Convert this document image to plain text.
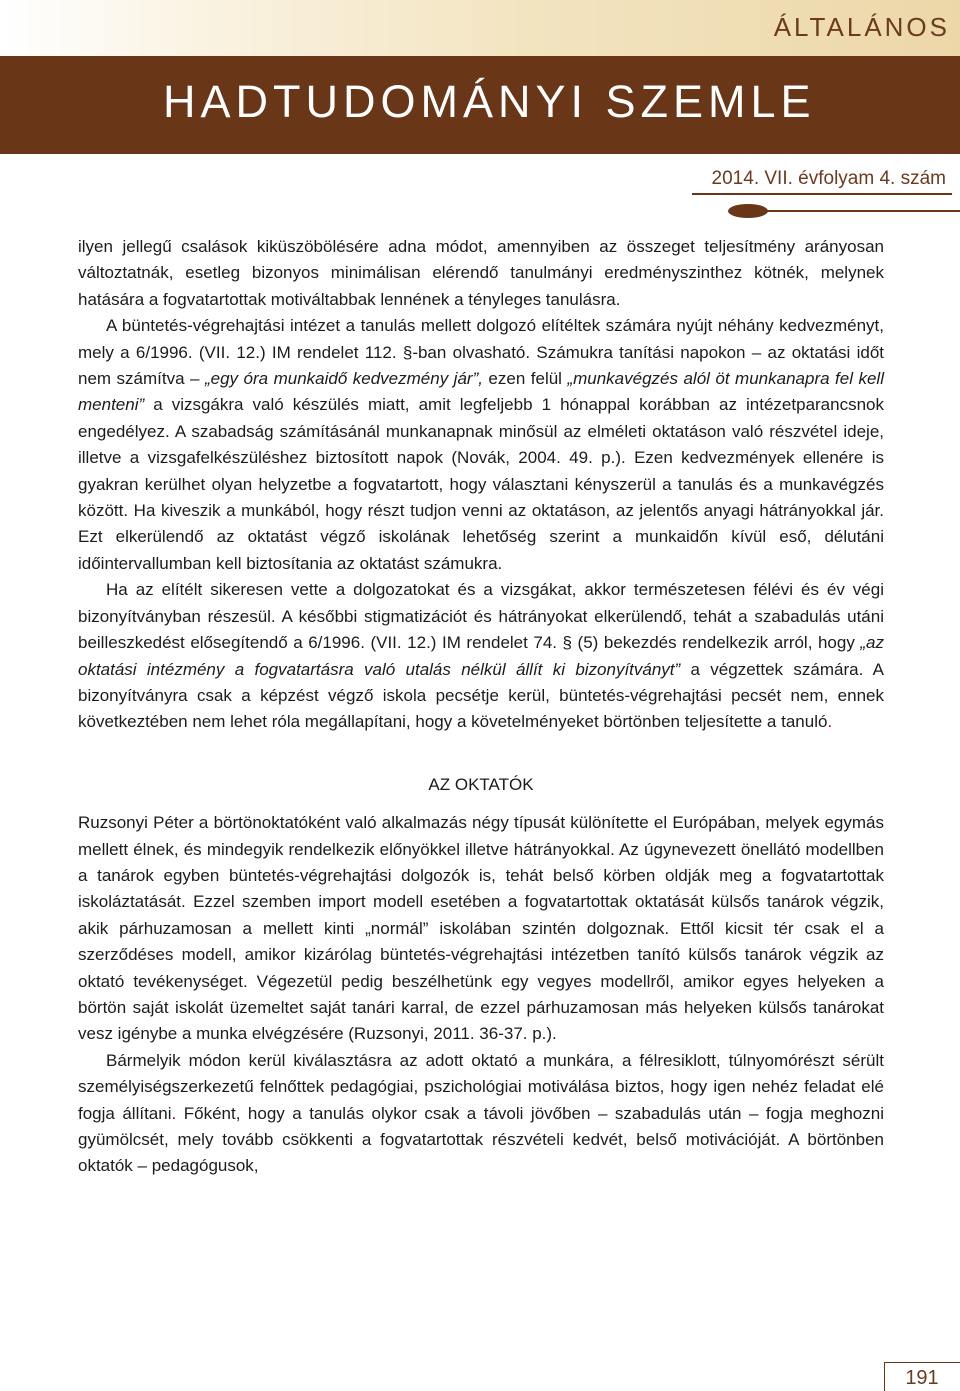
ÁLTALÁNOS
HADTUDOMÁNYI SZEMLE
2014. VII. évfolyam 4. szám

ilyen jellegű csalások kiküszöbölésére adna módot, amennyiben az összeget teljesítmény arányosan változtatnák, esetleg bizonyos minimálisan elérendő tanulmányi eredményszinthez kötnék, melynek hatására a fogvatartottak motiváltabbak lennének a tényleges tanulásra.

A büntetés-végrehajtási intézet a tanulás mellett dolgozó elítéltek számára nyújt néhány kedvezményt, mely a 6/1996. (VII. 12.) IM rendelet 112. §-ban olvasható. Számukra tanítási napokon – az oktatási időt nem számítva – „egy óra munkaidő kedvezmény jár”, ezen felül „munkavégzés alól öt munkanapra fel kell menteni” a vizsgákra való készülés miatt, amit legfeljebb 1 hónappal korábban az intézetparancsnok engedélyez. A szabadság számításánál munkanapnak minősül az elméleti oktatáson való részvétel ideje, illetve a vizsgafelkészüléshez biztosított napok (Novák, 2004. 49. p.). Ezen kedvezmények ellenére is gyakran kerülhet olyan helyzetbe a fogvatartott, hogy választani kényszerül a tanulás és a munkavégzés között. Ha kiveszik a munkából, hogy részt tudjon venni az oktatáson, az jelentős anyagi hátrányokkal jár. Ezt elkerülendő az oktatást végző iskolának lehetőség szerint a munkaidőn kívül eső, délutáni időintervallumban kell biztosítania az oktatást számukra.

Ha az elítélt sikeresen vette a dolgozatokat és a vizsgákat, akkor természetesen félévi és év végi bizonyítványban részesül. A későbbi stigmatizációt és hátrányokat elkerülendő, tehát a szabadulás utáni beilleszkedést elősegítendő a 6/1996. (VII. 12.) IM rendelet 74. § (5) bekezdés rendelkezik arról, hogy „az oktatási intézmény a fogvatartásra való utalás nélkül állít ki bizonyítványt” a végzettek számára. A bizonyítványra csak a képzést végző iskola pecsétje kerül, büntetés-végrehajtási pecsét nem, ennek következtében nem lehet róla megállapítani, hogy a követelményeket börtönben teljesítette a tanuló.

AZ OKTATÓK

Ruzsonyi Péter a börtönoktatóként való alkalmazás négy típusát különítette el Európában, melyek egymás mellett élnek, és mindegyik rendelkezik előnyökkel illetve hátrányokkal. Az úgynevezett önellátó modellben a tanárok egyben büntetés-végrehajtási dolgozók is, tehát belső körben oldják meg a fogvatartottak iskoláztatását. Ezzel szemben import modell esetében a fogvatartottak oktatását külsős tanárok végzik, akik párhuzamosan a mellett kinti „normál” iskolában szintén dolgoznak. Ettől kicsit tér csak el a szerződéses modell, amikor kizárólag büntetés-végrehajtási intézetben tanító külsős tanárok végzik az oktató tevékenységet. Végezetül pedig beszélhetünk egy vegyes modellről, amikor egyes helyeken a börtön saját iskolát üzemeltet saját tanári karral, de ezzel párhuzamosan más helyeken külsős tanárokat vesz igénybe a munka elvégzésére (Ruzsonyi, 2011. 36-37. p.).

Bármelyik módon kerül kiválasztásra az adott oktató a munkára, a félresiklott, túlnyomórészt sérült személyiségszerkezetű felnőttek pedagógiai, pszichológiai motiválása biztos, hogy igen nehéz feladat elé fogja állítani. Főként, hogy a tanulás olykor csak a távoli jövőben – szabadulás után – fogja meghozni gyümölcsét, mely tovább csökkenti a fogvatartottak részvételi kedvét, belső motivációját. A börtönben oktatók – pedagógusok,

191
